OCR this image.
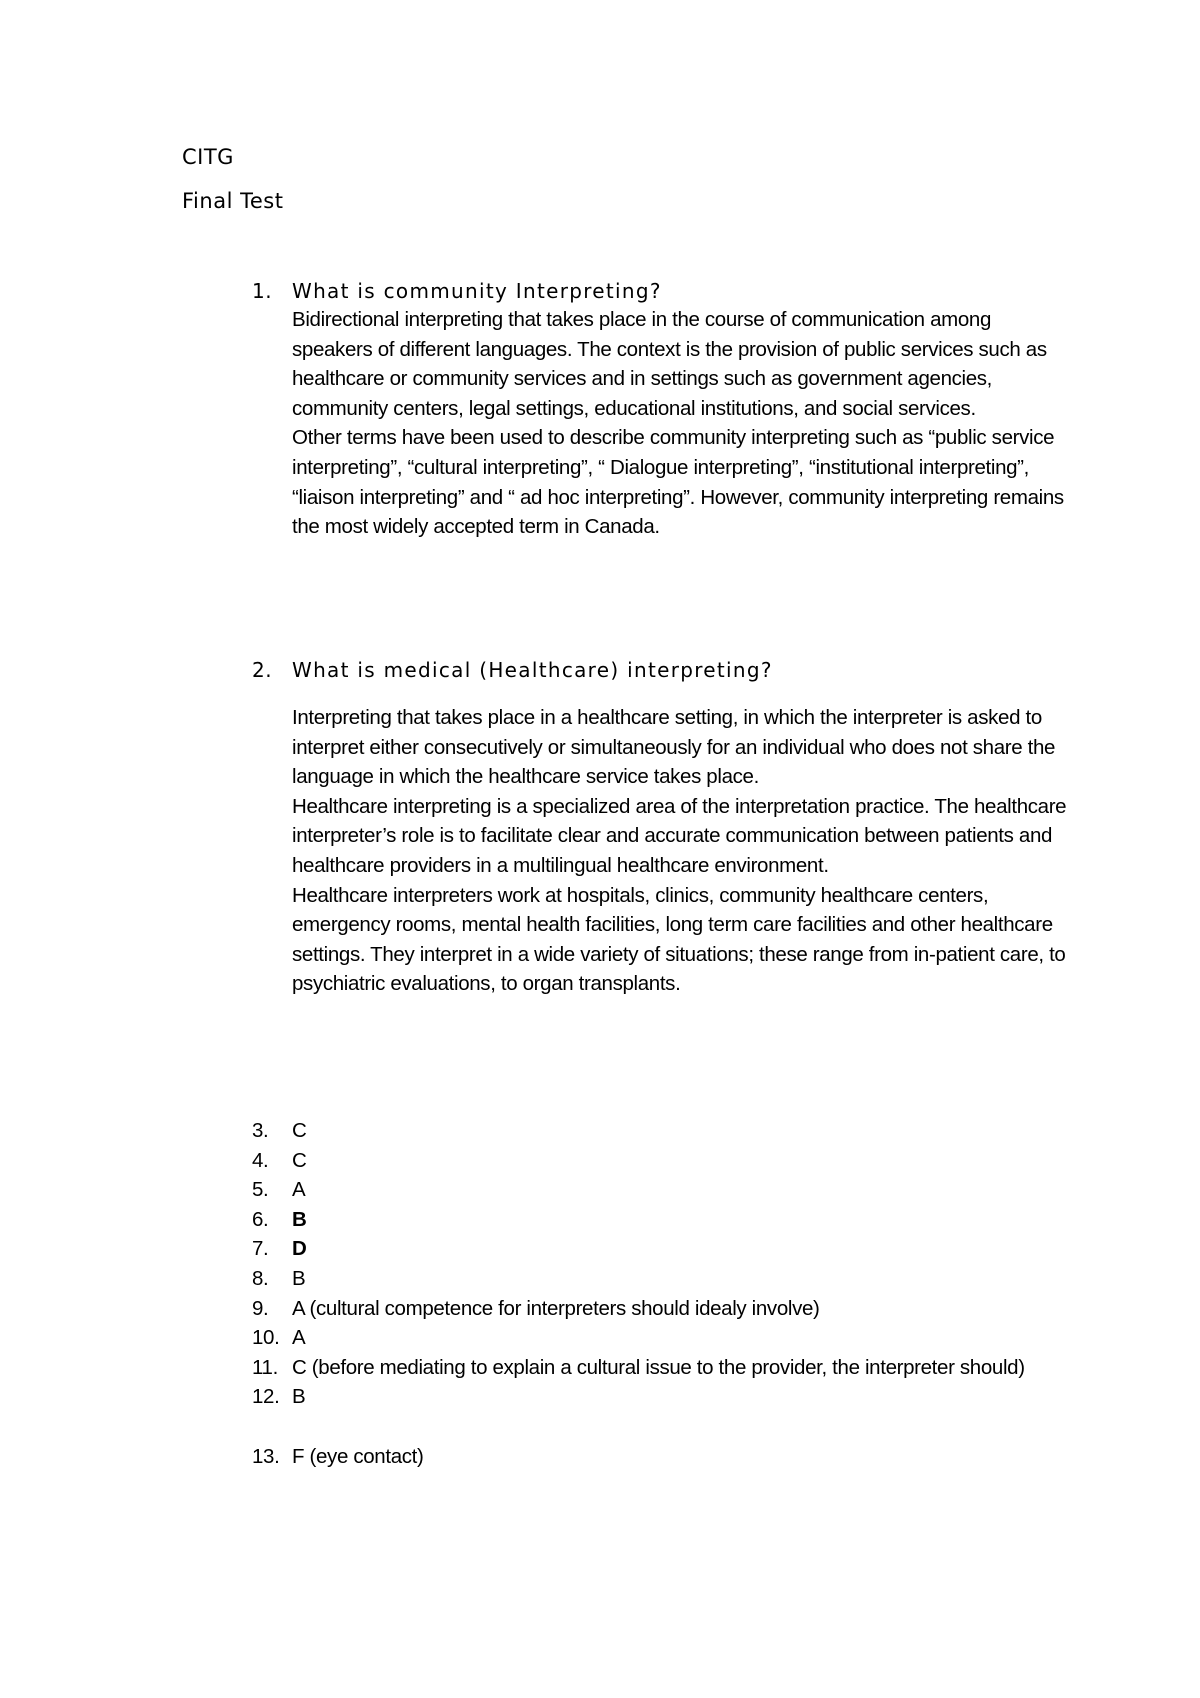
CITG
Final Test
1. What is community Interpreting?

Bidirectional interpreting that takes place in the course of communication among speakers of different languages. The context is the provision of public services such as healthcare or community services and in settings such as government agencies, community centers, legal settings, educational institutions, and social services.

Other terms have been used to describe community interpreting such as “public service interpreting”, “cultural interpreting”, “ Dialogue interpreting”, “institutional interpreting”, “liaison interpreting” and “ ad hoc interpreting”. However, community interpreting remains the most widely accepted term in Canada.

2. What is medical (Healthcare) interpreting?

Interpreting that takes place in a healthcare setting, in which the interpreter is asked to interpret either consecutively or simultaneously for an individual who does not share the language in which the healthcare service takes place.

Healthcare interpreting is a specialized area of the interpretation practice. The healthcare interpreter’s role is to facilitate clear and accurate communication between patients and healthcare providers in a multilingual healthcare environment.

Healthcare interpreters work at hospitals, clinics, community healthcare centers, emergency rooms, mental health facilities, long term care facilities and other healthcare settings. They interpret in a wide variety of situations; these range from in-patient care, to psychiatric evaluations, to organ transplants.

3. C
4. C
5. A
6. B
7. D
8. B
9. A (cultural competence for interpreters should idealy involve)
10. A
11. C (before mediating to explain a cultural issue to the provider, the interpreter should)
12. B
13. F (eye contact)
